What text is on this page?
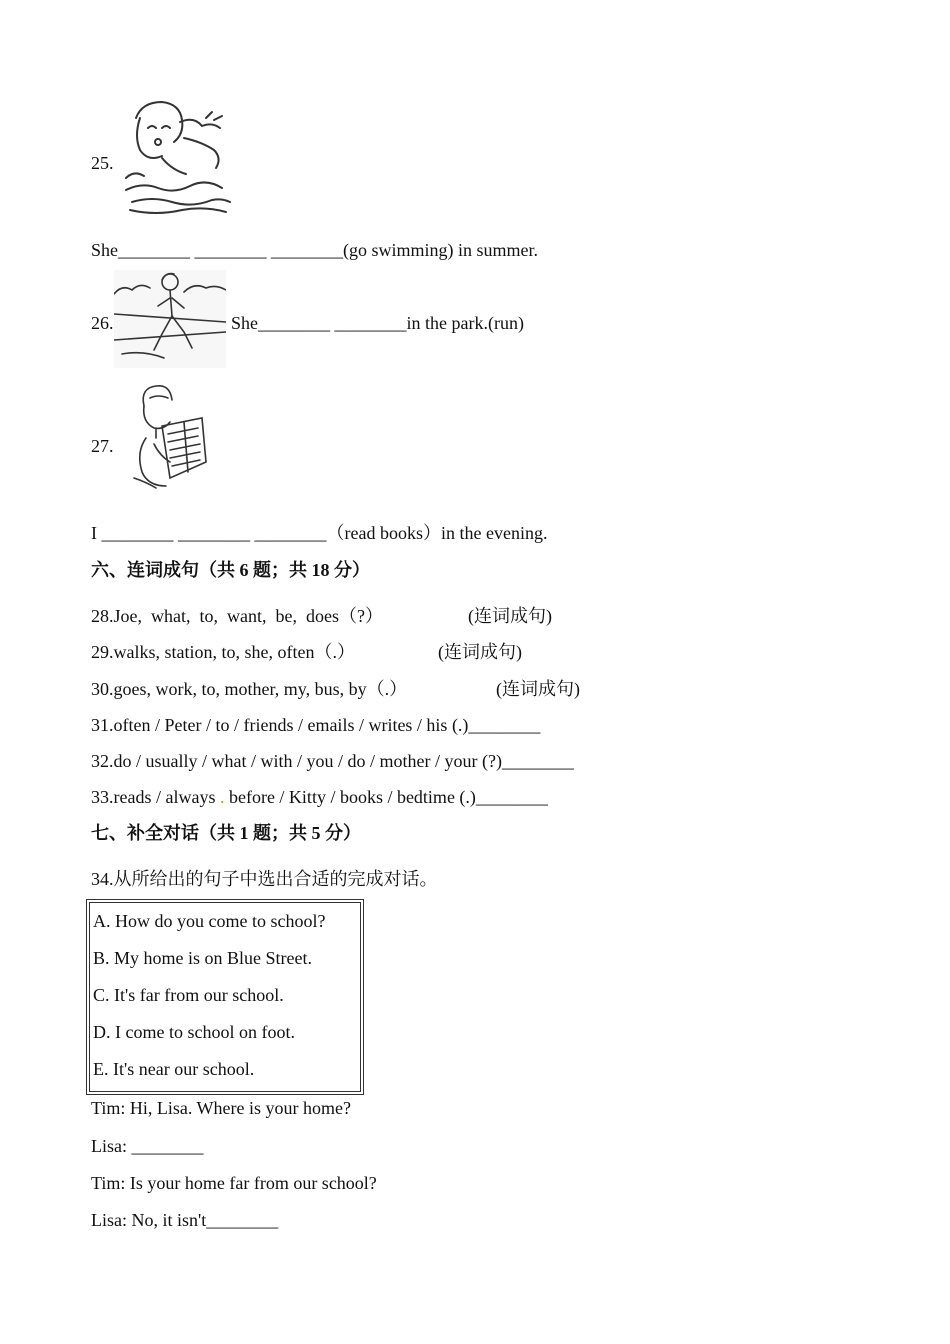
25.
She________ ________ ________(go swimming) in summer.
26.	She________ ________in the park.(run)
27.
I ________ ________ ________（read books）in the evening.
六、连词成句（共 6 题；共 18 分）
28.Joe,  what,  to,  want,  be,  does（?）	(连词成句)
29.walks, station, to, she, often（.）	(连词成句)
30.goes, work, to, mother, my, bus, by（.）	(连词成句)
31.often / Peter / to / friends / emails / writes / his (.)________
32.do / usually / what / with / you / do / mother / your (?)________
33.reads / always . before / Kitty / books / bedtime (.)________
七、补全对话（共 1 题；共 5 分）
34.从所给出的句子中选出合适的完成对话。
A. How do you come to school?
B. My home is on Blue Street.
C. It's far from our school.
D. I come to school on foot.
E. It's near our school.
Tim: Hi, Lisa. Where is your home?
Lisa: ________
Tim: Is your home far from our school?
Lisa: No, it isn't________
